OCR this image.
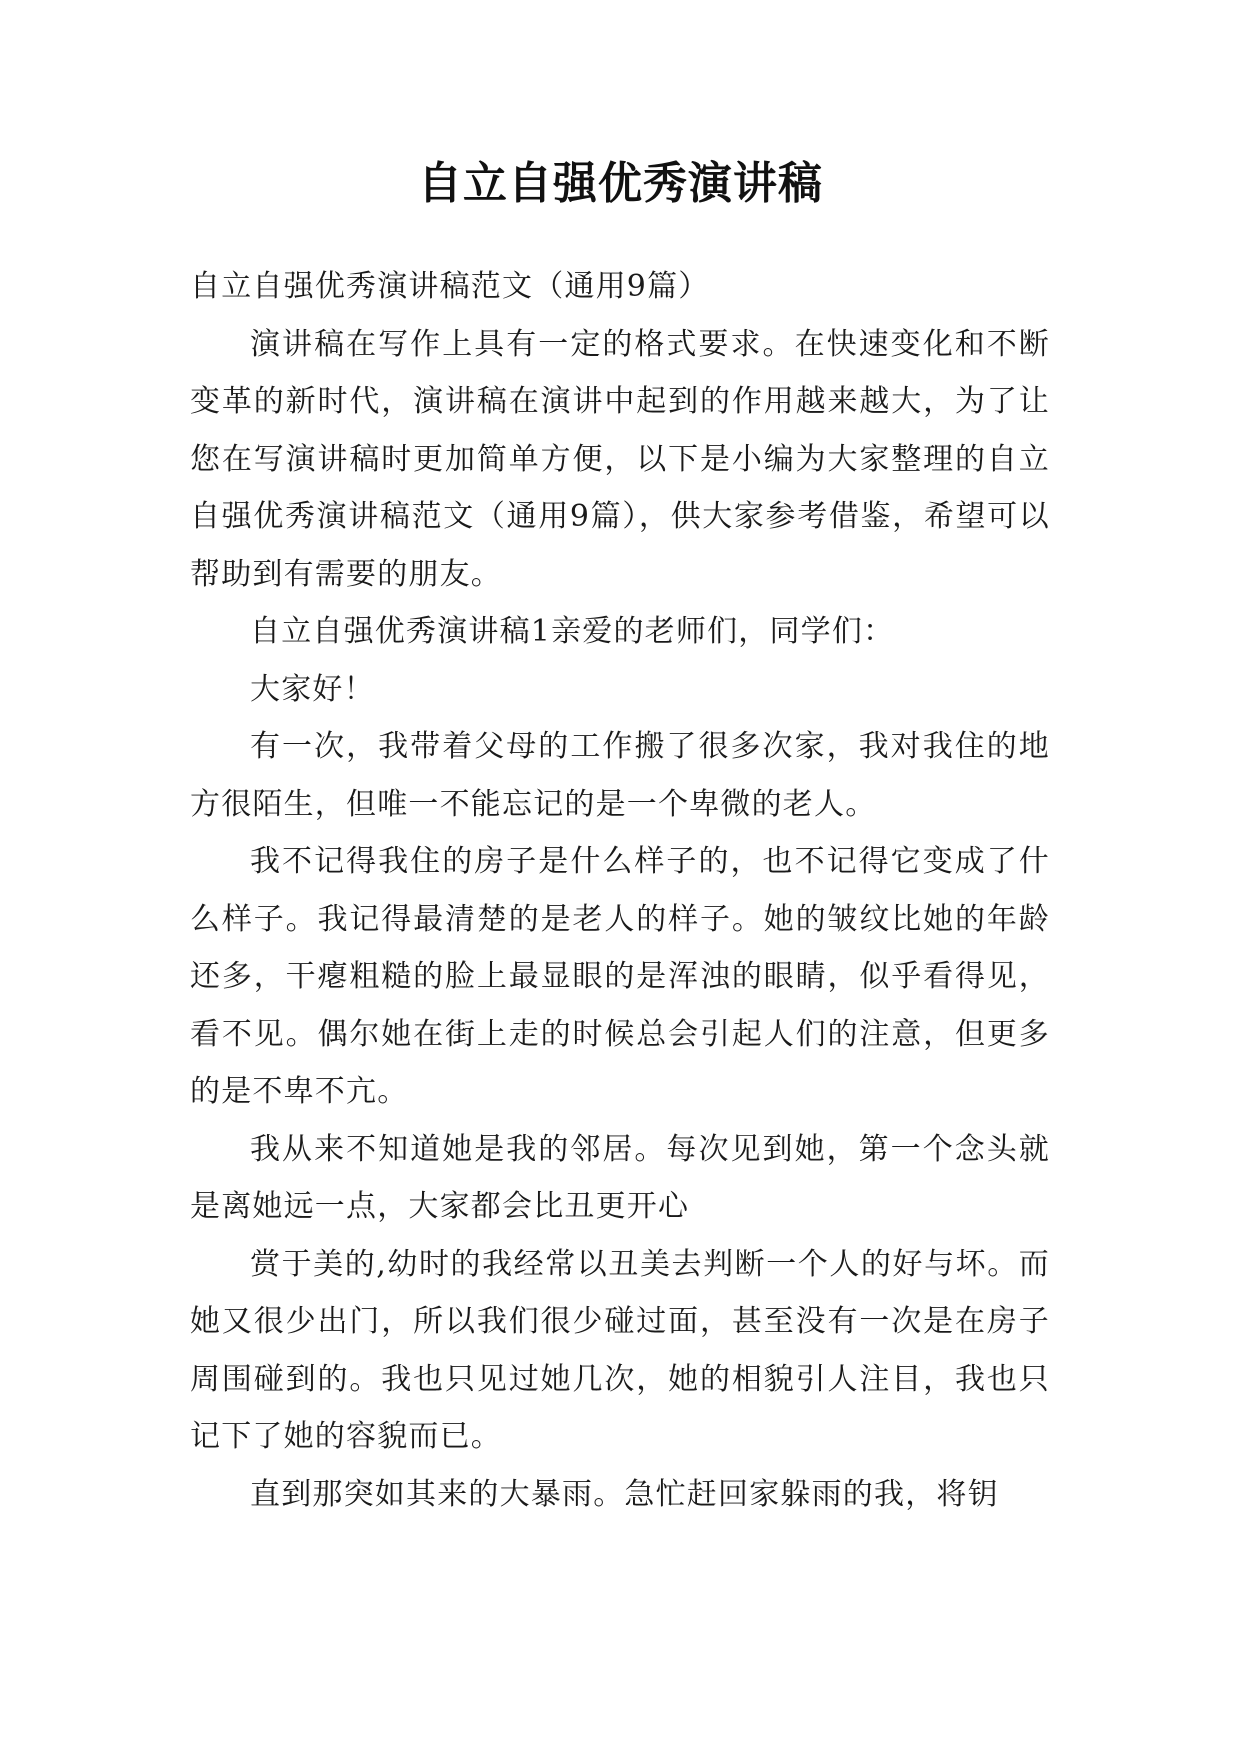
自立自强优秀演讲稿

自立自强优秀演讲稿范文（通用9篇）

演讲稿在写作上具有一定的格式要求。在快速变化和不断变革的新时代，演讲稿在演讲中起到的作用越来越大，为了让您在写演讲稿时更加简单方便，以下是小编为大家整理的自立自强优秀演讲稿范文（通用9篇），供大家参考借鉴，希望可以帮助到有需要的朋友。

自立自强优秀演讲稿1亲爱的老师们，同学们：

大家好！

有一次，我带着父母的工作搬了很多次家，我对我住的地方很陌生，但唯一不能忘记的是一个卑微的老人。

我不记得我住的房子是什么样子的，也不记得它变成了什么样子。我记得最清楚的是老人的样子。她的皱纹比她的年龄还多，干瘪粗糙的脸上最显眼的是浑浊的眼睛，似乎看得见，看不见。偶尔她在街上走的时候总会引起人们的注意，但更多的是不卑不亢。

我从来不知道她是我的邻居。每次见到她，第一个念头就是离她远一点，大家都会比丑更开心

赏于美的,幼时的我经常以丑美去判断一个人的好与坏。而她又很少出门，所以我们很少碰过面，甚至没有一次是在房子周围碰到的。我也只见过她几次，她的相貌引人注目，我也只记下了她的容貌而已。

直到那突如其来的大暴雨。急忙赶回家躲雨的我，将钥
